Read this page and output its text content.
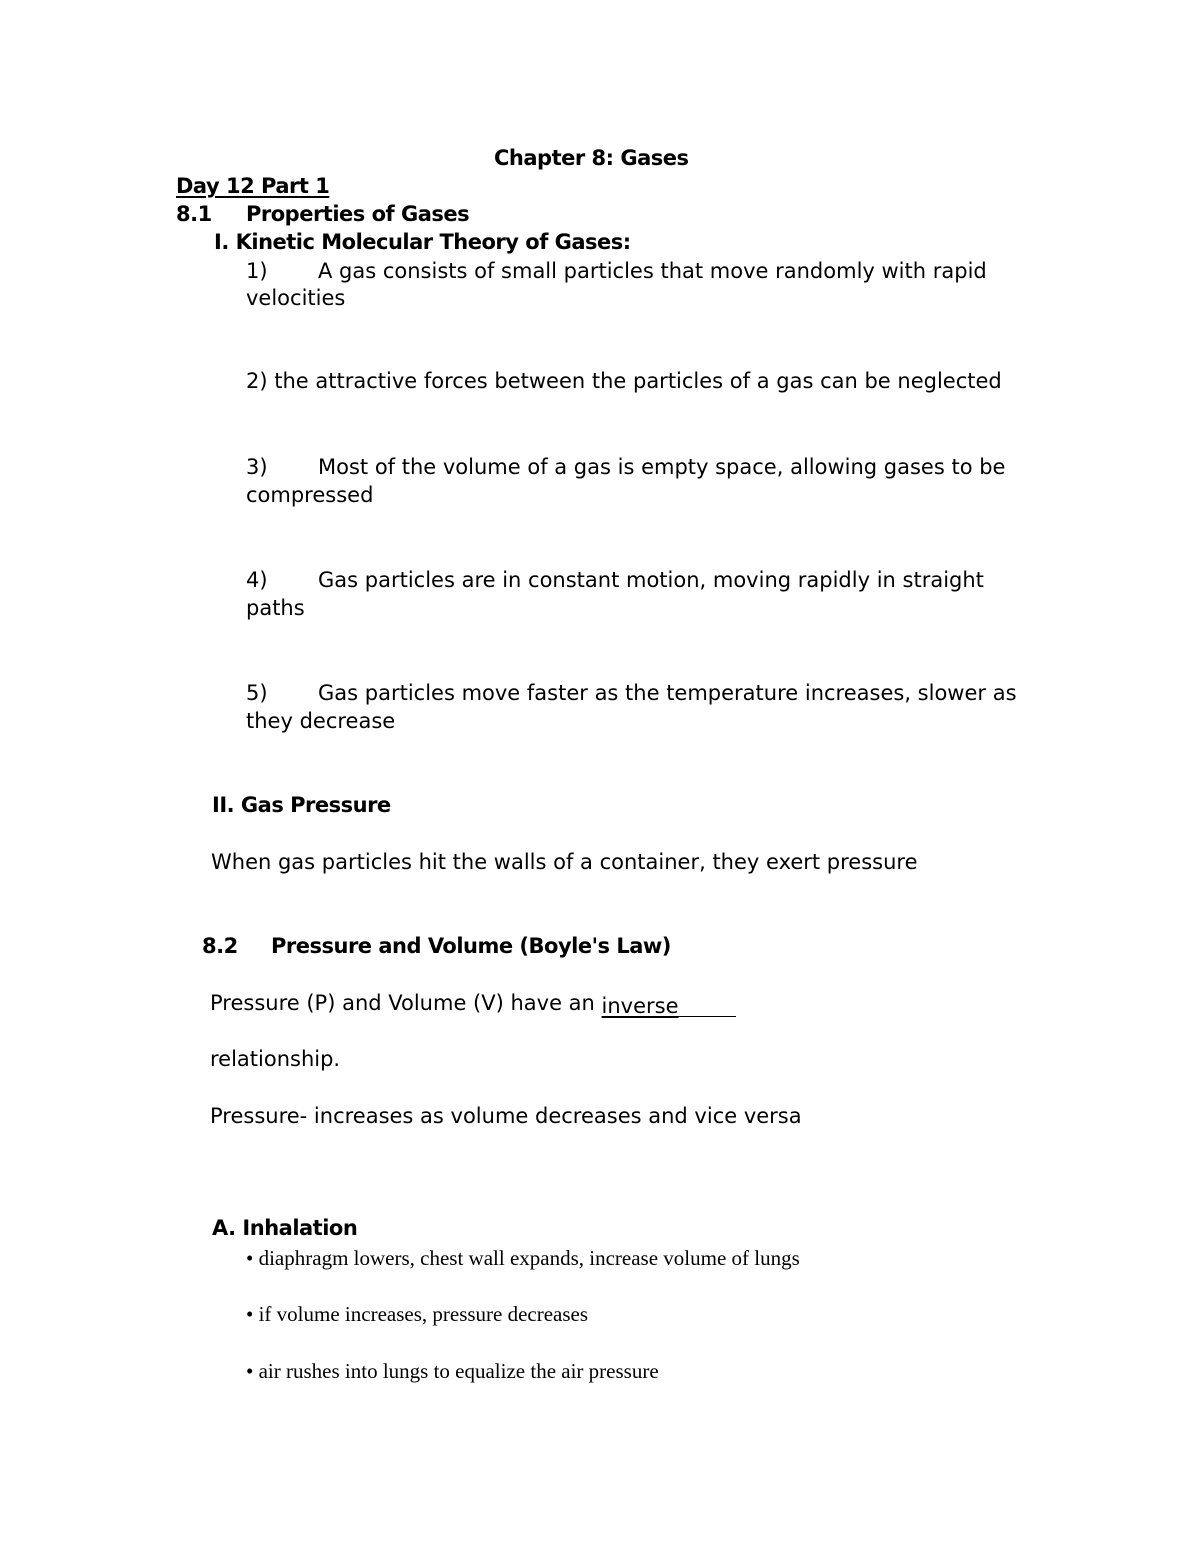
Chapter 8: Gases
Day 12 Part 1
8.1 Properties of Gases
I. Kinetic Molecular Theory of Gases:
1) A gas consists of small particles that move randomly with rapid
velocities
2) the attractive forces between the particles of a gas can be neglected
3) Most of the volume of a gas is empty space, allowing gases to be
compressed
4) Gas particles are in constant motion, moving rapidly in straight
paths
5) Gas particles move faster as the temperature increases, slower as
they decrease
II. Gas Pressure
When gas particles hit the walls of a container, they exert pressure
8.2 Pressure and Volume (Boyle's Law)
Pressure (P) and Volume (V) have an inverse
relationship.
Pressure- increases as volume decreases and vice versa
A. Inhalation
• diaphragm lowers, chest wall expands, increase volume of lungs
• if volume increases, pressure decreases
• air rushes into lungs to equalize the air pressure
